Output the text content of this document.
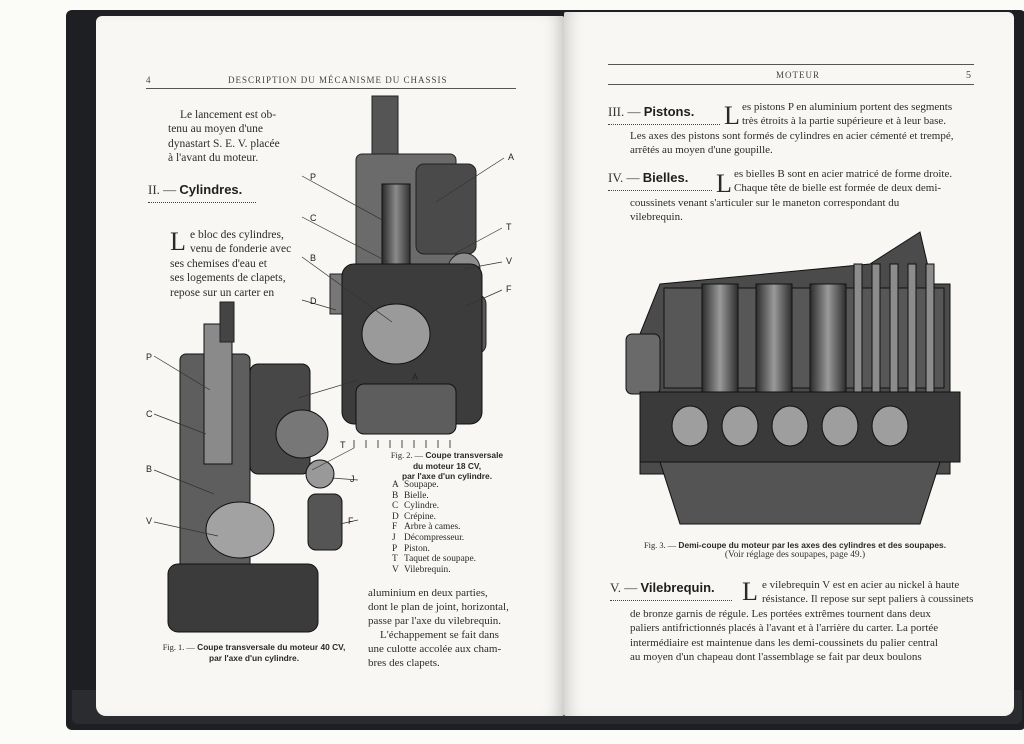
4	DESCRIPTION DU MÉCANISME DU CHASSIS
Le lancement est ob-
tenu au moyen d'une
dynastart S. E. V. placée
à l'avant du moteur.
II. — Cylindres.
L e bloc des cylindres,
venu de fonderie avec
ses chemises d'eau et
ses logements de clapets,
repose sur un carter en
P
C
B
D
A
T
V
F
Fig. 2. — Coupe transversale
du moteur 18 CV,
par l'axe d'un cylindre.
P
C
B
V
A
T
J
F
Fig. 1. — Coupe transversale du moteur 40 CV,
par l'axe d'un cylindre.
A Soupape.
B Bielle.
C Cylindre.
D Crépine.
F Arbre à cames.
J Décompresseur.
P Piston.
T Taquet de soupape.
V Vilebrequin.
aluminium en deux parties,
dont le plan de joint, horizontal,
passe par l'axe du vilebrequin.
L'échappement se fait dans
une culotte accolée aux cham-
bres des clapets.
MOTEUR	5
III. — Pistons. L es pistons P en aluminium portent des segments
très étroits à la partie supérieure et à leur base.
Les axes des pistons sont formés de cylindres en acier cémenté et trempé,
arrêtés au moyen d'une goupille.
IV. — Bielles. L es bielles B sont en acier matricé de forme droite.
Chaque tête de bielle est formée de deux demi-
coussinets venant s'articuler sur le maneton correspondant du
vilebrequin.
Fig. 3. — Demi-coupe du moteur par les axes des cylindres et des soupapes.
(Voir réglage des soupapes, page 49.)
V. — Vilebrequin. L e vilebrequin V est en acier au nickel à haute
résistance. Il repose sur sept paliers à coussinets
de bronze garnis de régule. Les portées extrêmes tournent dans deux
paliers antifrictionnés placés à l'avant et à l'arrière du carter. La portée
intermédiaire est maintenue dans les demi-coussinets du palier central
au moyen d'un chapeau dont l'assemblage se fait par deux boulons
